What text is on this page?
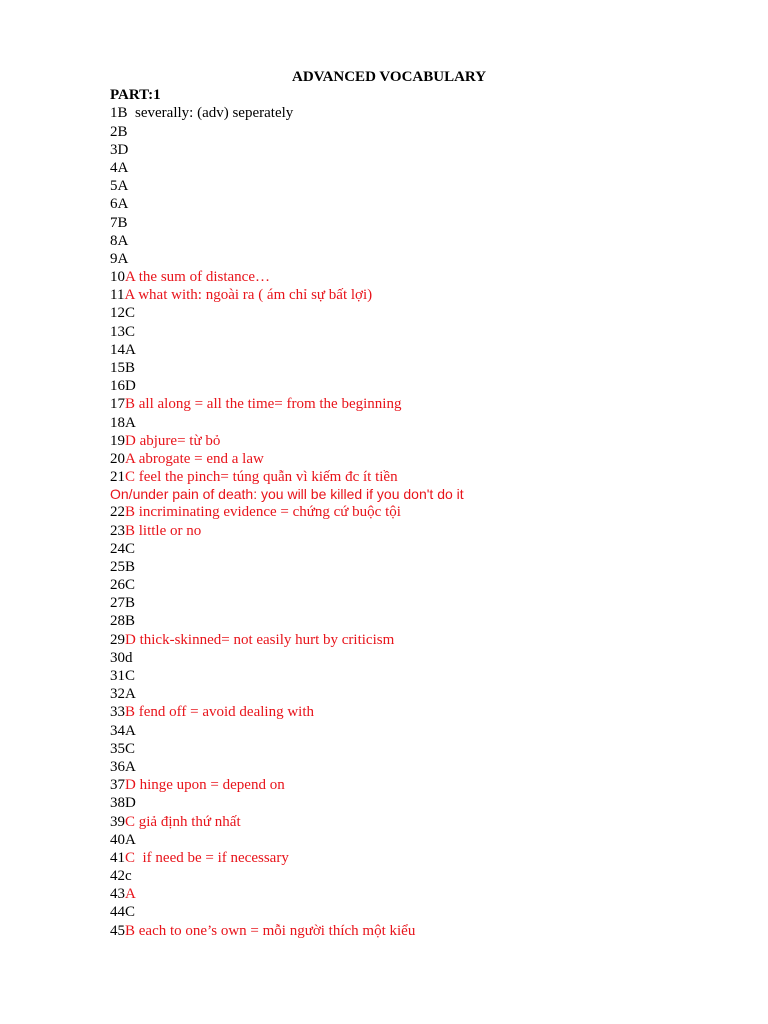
ADVANCED VOCABULARY
PART:1
1B  severally: (adv) seperately
2B
3D
4A
5A
6A
7B
8A
9A
10A the sum of distance…
11A what with: ngoài ra ( ám chỉ sự bất lợi)
12C
13C
14A
15B
16D
17B all along = all the time= from the beginning
18A
19D abjure= từ bỏ
20A abrogate = end a law
21C feel the pinch= túng quẫn vì kiếm đc ít tiền
On/under pain of death: you will be killed if you don't do it
22B incriminating evidence = chứng cứ buộc tội
23B little or no
24C
25B
26C
27B
28B
29D thick-skinned= not easily hurt by criticism
30d
31C
32A
33B fend off = avoid dealing with
34A
35C
36A
37D hinge upon = depend on
38D
39C giả định thứ nhất
40A
41C  if need be = if necessary
42c
43A
44C
45B each to one’s own = mỗi người thích một kiểu
